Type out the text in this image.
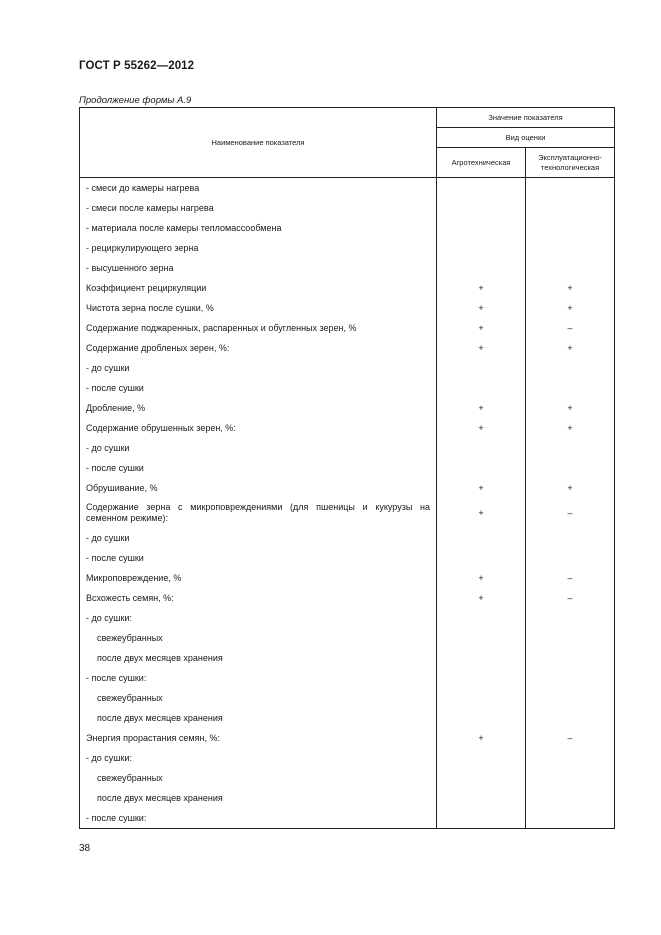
ГОСТ Р 55262—2012
Продолжение формы А.9
Наименование показателя	Значение показателя	
	Вид оценки	
	Агротехническая	Эксплуатационно-технологическая
- смеси до камеры нагрева		
- смеси после камеры нагрева		
- материала после камеры тепломассообмена		
- рециркулирующего зерна		
- высушенного зерна		
Коэффициент рециркуляции	+	+
Чистота зерна после сушки, %	+	+
Содержание поджаренных, распаренных и обугленных зерен, %	+	–
Содержание дробленых зерен, %:	+	+
- до сушки		
- после сушки		
Дробление, %	+	+
Содержание обрушенных зерен, %:	+	+
- до сушки		
- после сушки		
Обрушивание, %	+	+
Содержание зерна с микроповреждениями (для пшеницы и кукурузы на семенном режиме):	+	–
- до сушки		
- после сушки		
Микроповреждение, %	+	–
Всхожесть семян, %:	+	–
- до сушки:		
свежеубранных		
после двух месяцев хранения		
- после сушки:		
свежеубранных		
после двух месяцев хранения		
Энергия прорастания семян, %:	+	–
- до сушки:		
свежеубранных		
после двух месяцев хранения		
- после сушки:		
38
